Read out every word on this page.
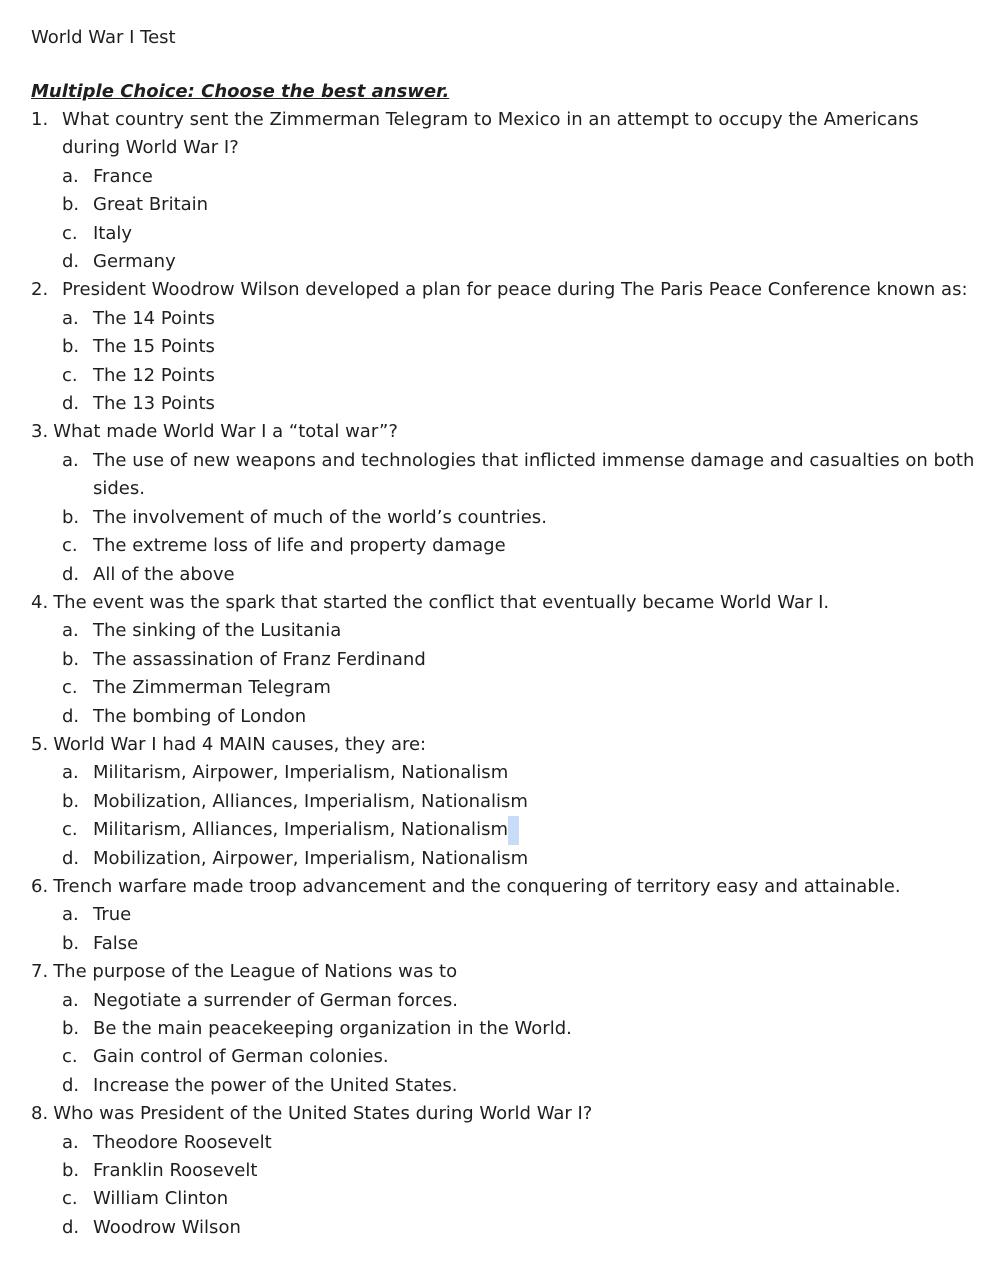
World War I Test

Multiple Choice: Choose the best answer.
1. What country sent the Zimmerman Telegram to Mexico in an attempt to occupy the Americans during World War I?
a. France
b. Great Britain
c. Italy
d. Germany
2. President Woodrow Wilson developed a plan for peace during The Paris Peace Conference known as:
a. The 14 Points
b. The 15 Points
c. The 12 Points
d. The 13 Points
3. What made World War I a “total war”?
a. The use of new weapons and technologies that inflicted immense damage and casualties on both sides.
b. The involvement of much of the world’s countries.
c. The extreme loss of life and property damage
d. All of the above
4. The event was the spark that started the conflict that eventually became World War I.
a. The sinking of the Lusitania
b. The assassination of Franz Ferdinand
c. The Zimmerman Telegram
d. The bombing of London
5. World War I had 4 MAIN causes, they are:
a. Militarism, Airpower, Imperialism, Nationalism
b. Mobilization, Alliances, Imperialism, Nationalism
c. Militarism, Alliances, Imperialism, Nationalism

d. Mobilization, Airpower, Imperialism, Nationalism
6. Trench warfare made troop advancement and the conquering of territory easy and attainable.
a. True
b. False
7. The purpose of the League of Nations was to
a. Negotiate a surrender of German forces.
b. Be the main peacekeeping organization in the World.
c. Gain control of German colonies.
d. Increase the power of the United States.
8. Who was President of the United States during World War I?
a. Theodore Roosevelt
b. Franklin Roosevelt
c. William Clinton
d. Woodrow Wilson
